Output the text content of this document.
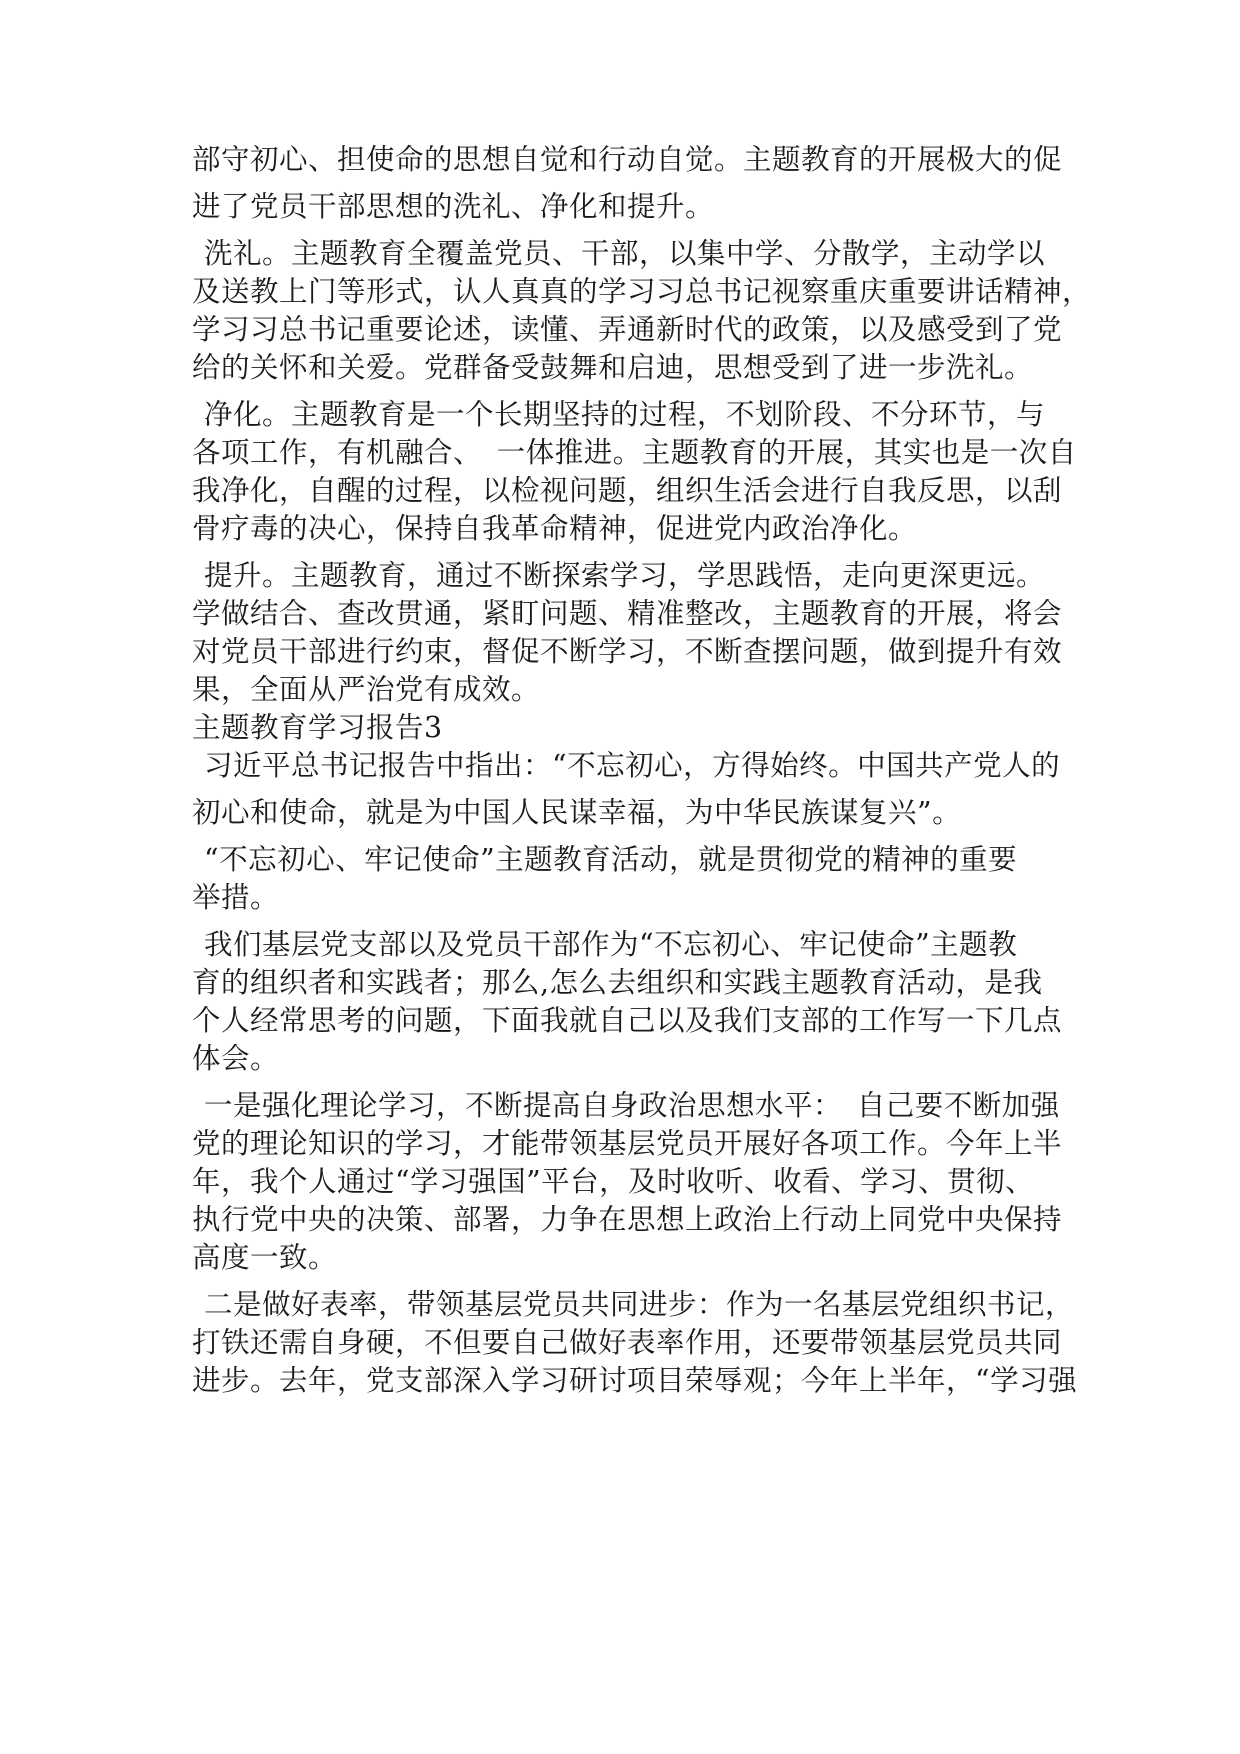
部守初心、担使命的思想自觉和行动自觉。主题教育的开展极大的促
进了党员干部思想的洗礼、净化和提升。
洗礼。主题教育全覆盖党员、干部，以集中学、分散学，主动学以
及送教上门等形式，认人真真的学习习总书记视察重庆重要讲话精神，
学习习总书记重要论述，读懂、弄通新时代的政策，以及感受到了党
给的关怀和关爱。党群备受鼓舞和启迪，思想受到了进一步洗礼。
净化。主题教育是一个长期坚持的过程，不划阶段、不分环节，与
各项工作，有机融合、　一体推进。主题教育的开展，其实也是一次自
我净化，自醒的过程，以检视问题，组织生活会进行自我反思，以刮
骨疗毒的决心，保持自我革命精神，促进党内政治净化。
提升。主题教育，通过不断探索学习，学思践悟，走向更深更远。
学做结合、查改贯通，紧盯问题、精准整改，主题教育的开展，将会
对党员干部进行约束，督促不断学习，不断查摆问题，做到提升有效
果，全面从严治党有成效。
主题教育学习报告3
习近平总书记报告中指出：“不忘初心，方得始终。中国共产党人的
初心和使命，就是为中国人民谋幸福，为中华民族谋复兴”。
“不忘初心、牢记使命”主题教育活动，就是贯彻党的精神的重要
举措。
我们基层党支部以及党员干部作为“不忘初心、牢记使命”主题教
育的组织者和实践者；那么,怎么去组织和实践主题教育活动，是我
个人经常思考的问题，下面我就自己以及我们支部的工作写一下几点
体会。
一是强化理论学习，不断提高自身政治思想水平：　自己要不断加强
党的理论知识的学习，才能带领基层党员开展好各项工作。今年上半
年，我个人通过“学习强国”平台，及时收听、收看、学习、贯彻、
执行党中央的决策、部署，力争在思想上政治上行动上同党中央保持
高度一致。
二是做好表率，带领基层党员共同进步：作为一名基层党组织书记，
打铁还需自身硬，不但要自己做好表率作用，还要带领基层党员共同
进步。去年，党支部深入学习研讨项目荣辱观；今年上半年，“学习强
